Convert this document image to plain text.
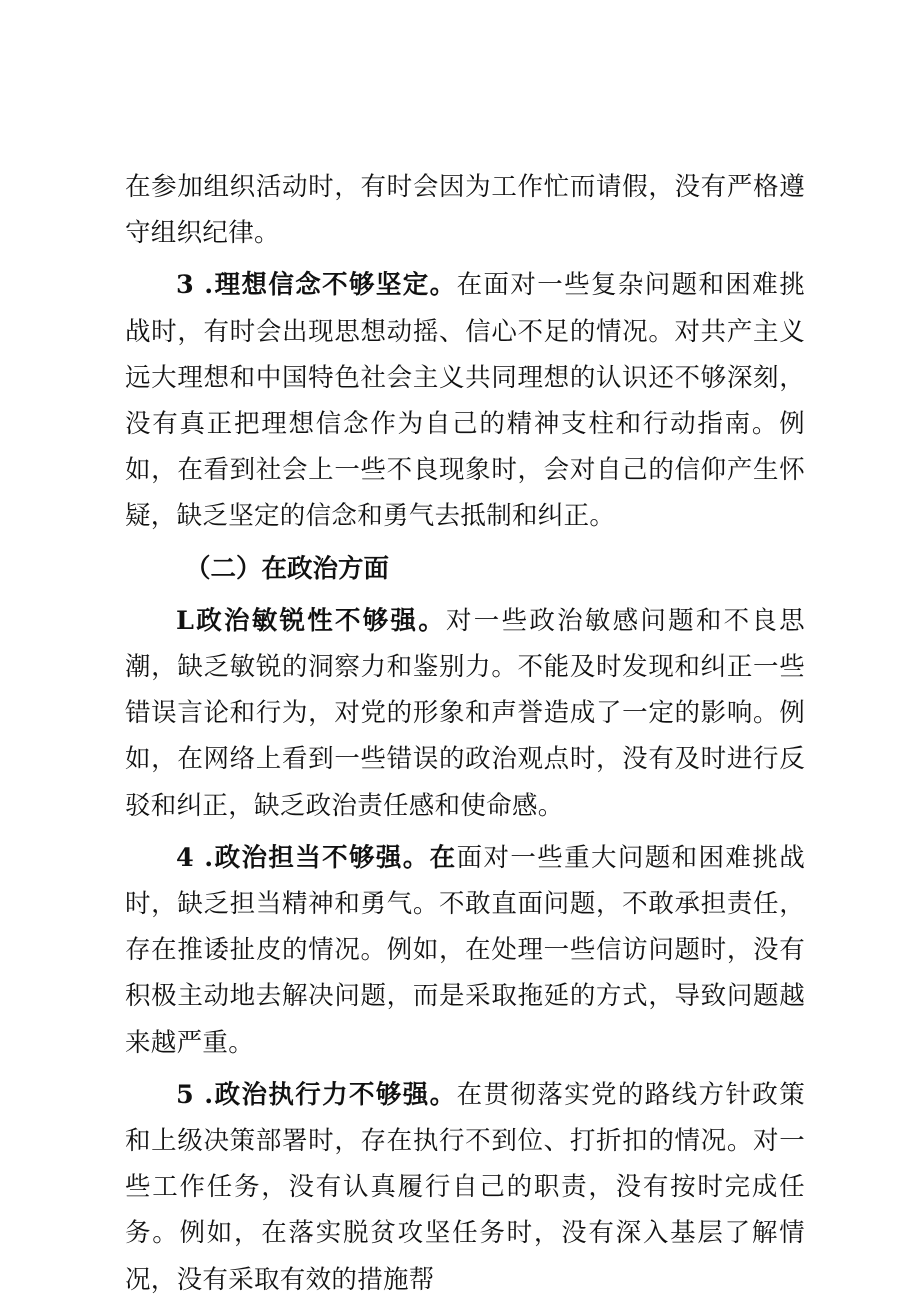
在参加组织活动时，有时会因为工作忙而请假，没有严格遵守组织纪律。

3 .理想信念不够坚定。在面对一些复杂问题和困难挑战时，有时会出现思想动摇、信心不足的情况。对共产主义远大理想和中国特色社会主义共同理想的认识还不够深刻，没有真正把理想信念作为自己的精神支柱和行动指南。例如，在看到社会上一些不良现象时，会对自己的信仰产生怀疑，缺乏坚定的信念和勇气去抵制和纠正。

（二）在政治方面

L政治敏锐性不够强。对一些政治敏感问题和不良思潮，缺乏敏锐的洞察力和鉴别力。不能及时发现和纠正一些错误言论和行为，对党的形象和声誉造成了一定的影响。例如，在网络上看到一些错误的政治观点时，没有及时进行反驳和纠正，缺乏政治责任感和使命感。

4 .政治担当不够强。在面对一些重大问题和困难挑战时，缺乏担当精神和勇气。不敢直面问题，不敢承担责任，存在推诿扯皮的情况。例如，在处理一些信访问题时，没有积极主动地去解决问题，而是采取拖延的方式，导致问题越来越严重。

5 .政治执行力不够强。在贯彻落实党的路线方针政策和上级决策部署时，存在执行不到位、打折扣的情况。对一些工作任务，没有认真履行自己的职责，没有按时完成任务。例如，在落实脱贫攻坚任务时，没有深入基层了解情况，没有采取有效的措施帮
